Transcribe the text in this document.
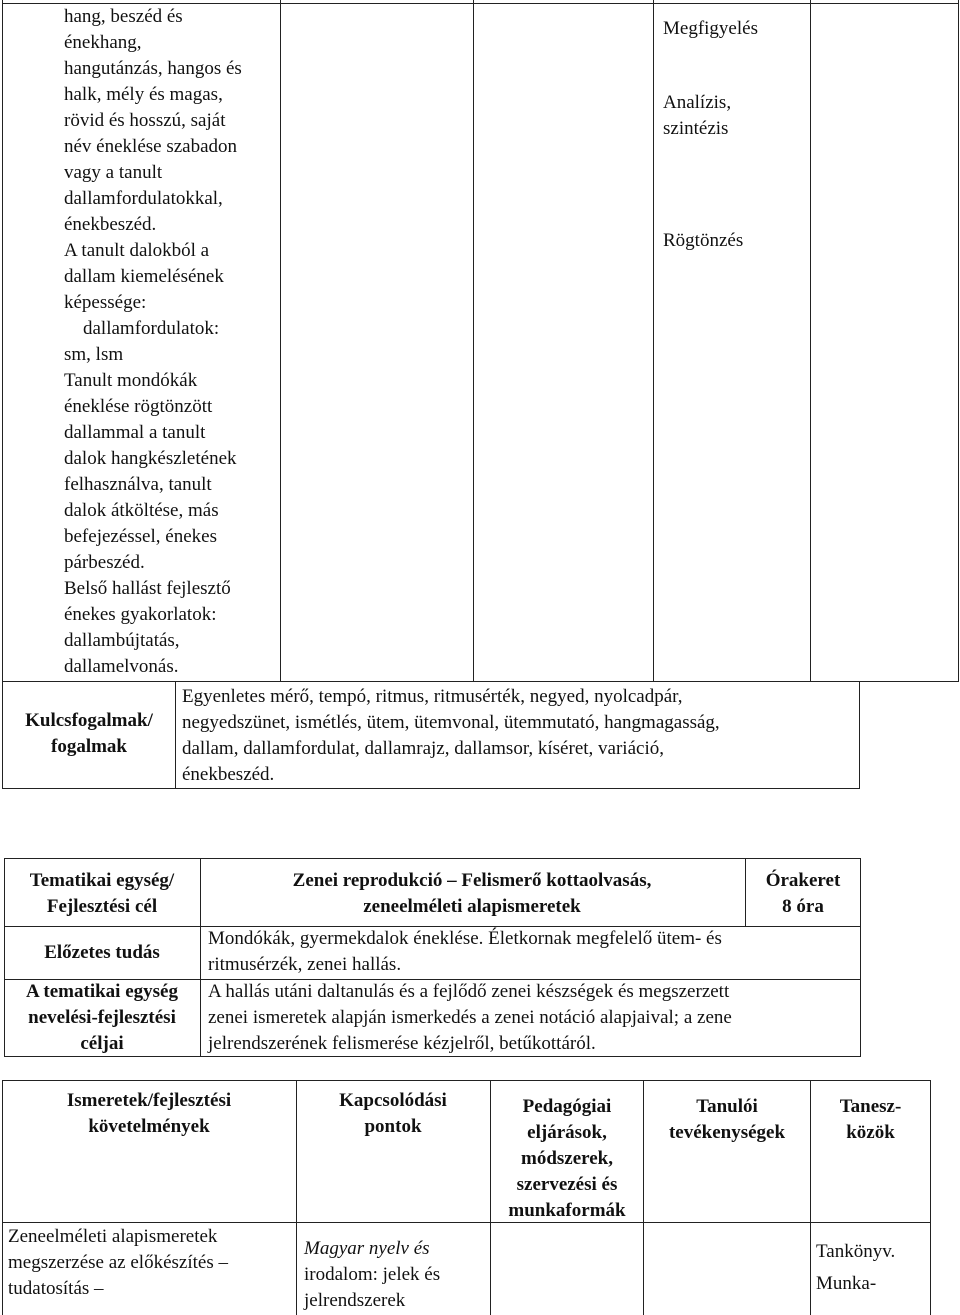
hang, beszéd és
énekhang,
hangutánzás, hangos és
halk, mély és magas,
rövid és hosszú, saját
név éneklése szabadon
vagy a tanult
dallamfordulatokkal,
énekbeszéd.
A tanult dalokból a
dallam kiemelésének
képessége:
dallamfordulatok:
sm, lsm
Tanult mondókák
éneklése rögtönzött
dallammal a tanult
dalok hangkészletének
felhasználva, tanult
dalok átköltése, más
befejezéssel, énekes
párbeszéd.
Belső hallást fejlesztő
énekes gyakorlatok:
dallambújtatás,
dallamelvonás.
Megfigyelés
Analízis,
szintézis
Rögtönzés
Kulcsfogalmak/
fogalmak
Egyenletes mérő, tempó, ritmus, ritmusérték, negyed, nyolcadpár,
negyedszünet, ismétlés, ütem, ütemvonal, ütemmutató, hangmagasság,
dallam, dallamfordulat, dallamrajz, dallamsor, kíséret, variáció,
énekbeszéd.
Tematikai egység/
Fejlesztési cél
Zenei reprodukció – Felismerő kottaolvasás,
zeneelméleti alapismeretek
Órakeret
8 óra
Előzetes tudás
Mondókák, gyermekdalok éneklése. Életkornak megfelelő ütem- és
ritmusérzék, zenei hallás.
A tematikai egység
nevelési-fejlesztési
céljai
A hallás utáni daltanulás és a fejlődő zenei készségek és megszerzett
zenei ismeretek alapján ismerkedés a zenei notáció alapjaival; a zene
jelrendszerének felismerése kézjelről, betűkottáról.
Ismeretek/fejlesztési
követelmények
Kapcsolódási
pontok
Pedagógiai
eljárások,
módszerek,
szervezési és
munkaformák
Tanulói
tevékenységek
Tanesz-
közök
Zeneelméleti alapismeretek
megszerzése az előkészítés –
tudatosítás –
Magyar nyelv és
irodalom: jelek és
jelrendszerek
Tankönyv.
Munka-
